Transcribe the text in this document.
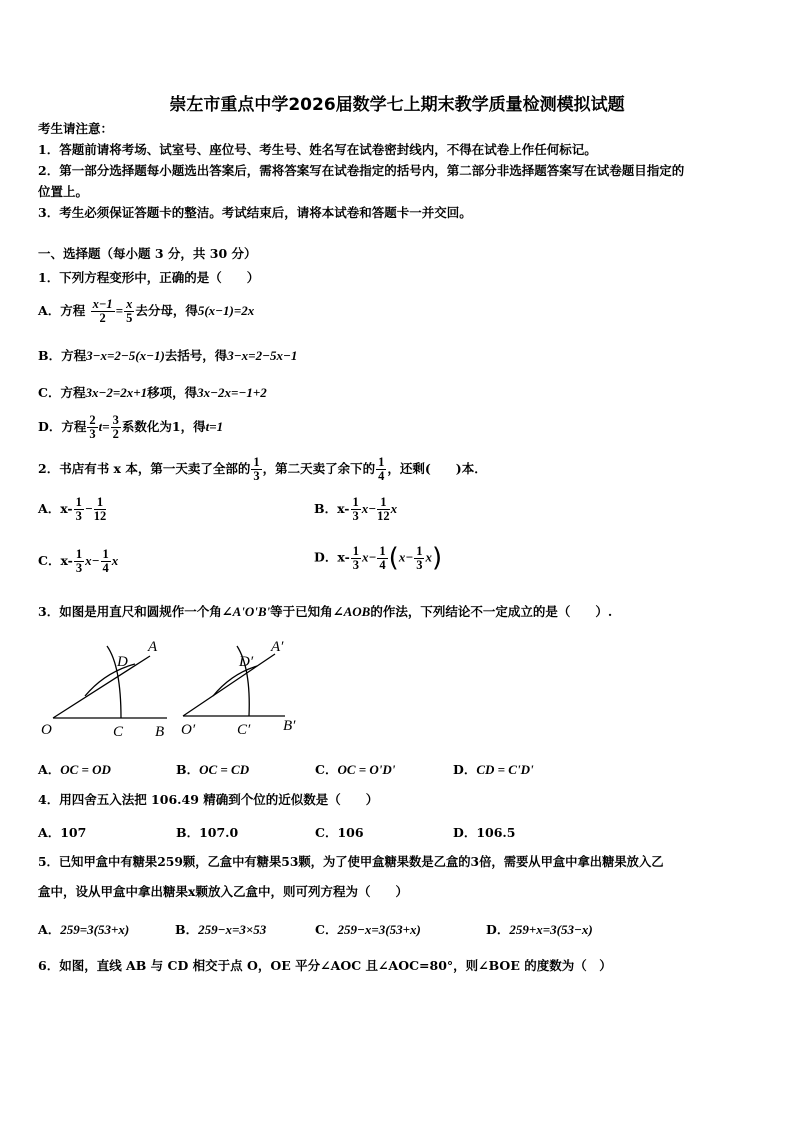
崇左市重点中学2026届数学七上期末教学质量检测模拟试题
考生请注意：
1．答题前请将考场、试室号、座位号、考生号、姓名写在试卷密封线内，不得在试卷上作任何标记。
2．第一部分选择题每小题选出答案后，需将答案写在试卷指定的括号内，第二部分非选择题答案写在试卷题目指定的
位置上。
3．考生必须保证答题卡的整洁。考试结束后，请将本试卷和答题卡一并交回。
一、选择题（每小题 3 分，共 30 分）
1．下列方程变形中，正确的是（　　）
A．方程 $\frac{x-1}{2} = \frac{x}{5}$ 去分母，得5(x−1)=2x
B．方程3−x=2−5(x−1)去括号，得3−x=2−5x−1
C．方程3x−2=2x+1移项，得3x−2x=−1+2
D．方程 $\frac{2}{3} t= \frac{3}{2}$ 系数化为1，得t=1
2．书店有书 x 本，第一天卖了全部的 $\frac{1}{3}$ ，第二天卖了余下的 $\frac{1}{4}$ ，还剩(　　)本．
A．$x- \frac{1}{3} - \frac{1}{12}$	B．$x- \frac{1}{3} x- \frac{1}{12}$ x
C．$x- \frac{1}{3} x- \frac{1}{4}$ x	D．$x- \frac{1}{3} x- \frac{1}{4} (x- \frac{1}{3} x)$
3．如图是用直尺和圆规作一个角∠A'O'B'等于已知角∠AOB的作法，下列结论不一定成立的是（　　）.
D
A
O	C B
D′
A′
O′	C′ B′
A．OC = OD	B．OC = CD	C．OC = O'D'	D．CD = C'D'
4．用四舍五入法把 106.49 精确到个位的近似数是（　　）
A．107	B．107.0	C．106	D．106.5
5．已知甲盒中有糖果259颗，乙盒中有糖果53颗，为了使甲盒糖果数是乙盒的3倍，需要从甲盒中拿出糖果放入乙
盒中，设从甲盒中拿出糖果x颗放入乙盒中，则可列方程为（　　）
A．259=3(53+x)	B．259−x=3×53	C．259−x=3(53+x)	D．259+x=3(53−x)
6．如图，直线 AB 与 CD 相交于点 O，OE 平分∠AOC 且∠AOC=80°，则∠BOE 的度数为（　）
